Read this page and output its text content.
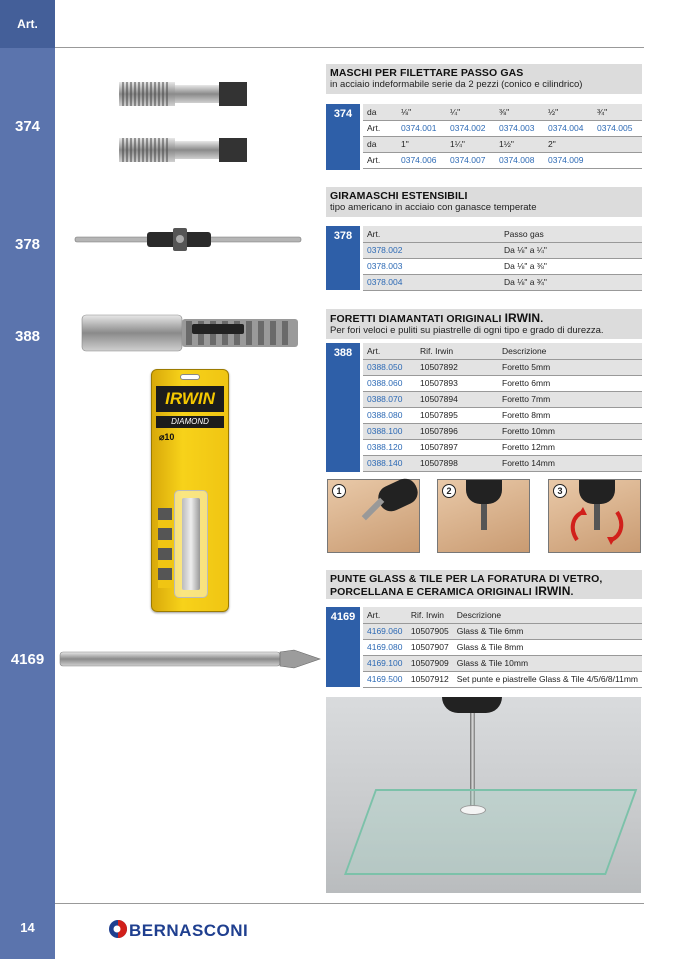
Art.
374
378
388
4169
14
IRWIN
DIAMOND
⌀10
MASCHI PER FILETTARE PASSO GAS
in acciaio indeformabile serie da 2 pezzi (conico e cilindrico)
374	da	⅛"	¼"	⅜"	½"	¾"
Art.	0374.001	0374.002	0374.003	0374.004	0374.005
da	1"	1¼"	1½"	2"	
Art.	0374.006	0374.007	0374.008	0374.009	
GIRAMASCHI ESTENSIBILI
tipo americano in acciaio con ganasce temperate
378	Art.	Passo gas
0378.002	Da ⅛" a ¼"
0378.003	Da ⅛" a ⅜"
0378.004	Da ⅛" a ¾"
FORETTI DIAMANTATI ORIGINALI IRWIN.
Per fori veloci e puliti su piastrelle di ogni tipo e grado di durezza.
388	Art.	Rif. Irwin	Descrizione
0388.050	10507892	Foretto 5mm
0388.060	10507893	Foretto 6mm
0388.070	10507894	Foretto 7mm
0388.080	10507895	Foretto 8mm
0388.100	10507896	Foretto 10mm
0388.120	10507897	Foretto 12mm
0388.140	10507898	Foretto 14mm
1	2	3
PUNTE GLASS & TILE PER LA FORATURA DI VETRO,
PORCELLANA E CERAMICA ORIGINALI IRWIN.
4169	Art.	Rif. Irwin	Descrizione
4169.060	10507905	Glass & Tile 6mm
4169.080	10507907	Glass & Tile 8mm
4169.100	10507909	Glass & Tile 10mm
4169.500	10507912	Set punte e piastrelle Glass & Tile 4/5/6/8/11mm
BERNASCONI
